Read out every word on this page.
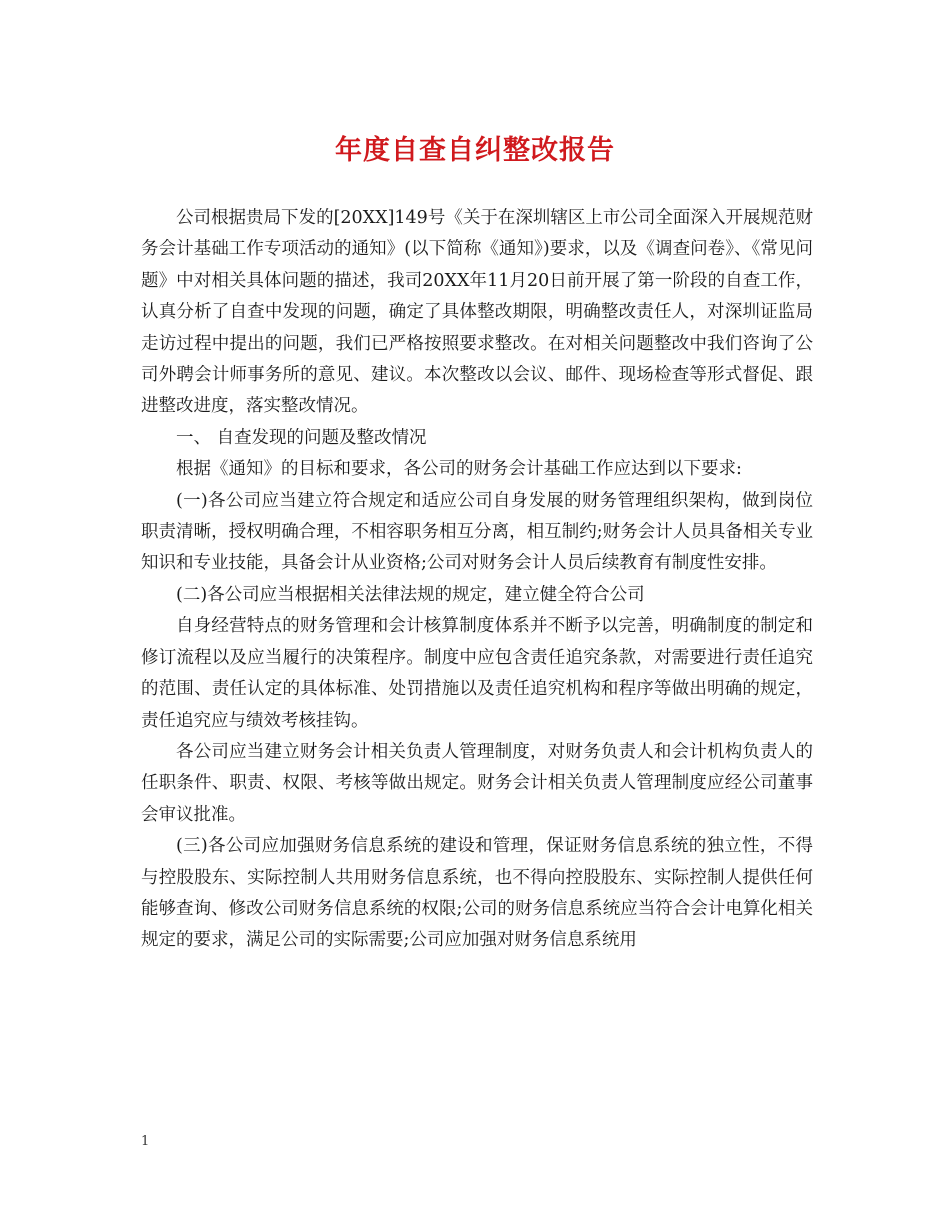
年度自查自纠整改报告

公司根据贵局下发的[20XX]149号《关于在深圳辖区上市公司全面深入开展规范财务会计基础工作专项活动的通知》(以下简称《通知》)要求，以及《调查问卷》、《常见问题》中对相关具体问题的描述，我司20XX年11月20日前开展了第一阶段的自查工作，认真分析了自查中发现的问题，确定了具体整改期限，明确整改责任人，对深圳证监局走访过程中提出的问题，我们已严格按照要求整改。在对相关问题整改中我们咨询了公司外聘会计师事务所的意见、建议。本次整改以会议、邮件、现场检查等形式督促、跟进整改进度，落实整改情况。

一、 自查发现的问题及整改情况

根据《通知》的目标和要求，各公司的财务会计基础工作应达到以下要求:

(一)各公司应当建立符合规定和适应公司自身发展的财务管理组织架构，做到岗位职责清晰，授权明确合理，不相容职务相互分离，相互制约;财务会计人员具备相关专业知识和专业技能，具备会计从业资格;公司对财务会计人员后续教育有制度性安排。

(二)各公司应当根据相关法律法规的规定，建立健全符合公司

自身经营特点的财务管理和会计核算制度体系并不断予以完善，明确制度的制定和修订流程以及应当履行的决策程序。制度中应包含责任追究条款，对需要进行责任追究的范围、责任认定的具体标准、处罚措施以及责任追究机构和程序等做出明确的规定，责任追究应与绩效考核挂钩。

各公司应当建立财务会计相关负责人管理制度，对财务负责人和会计机构负责人的任职条件、职责、权限、考核等做出规定。财务会计相关负责人管理制度应经公司董事会审议批准。

(三)各公司应加强财务信息系统的建设和管理，保证财务信息系统的独立性，不得与控股股东、实际控制人共用财务信息系统，也不得向控股股东、实际控制人提供任何能够查询、修改公司财务信息系统的权限;公司的财务信息系统应当符合会计电算化相关规定的要求，满足公司的实际需要;公司应加强对财务信息系统用

1
